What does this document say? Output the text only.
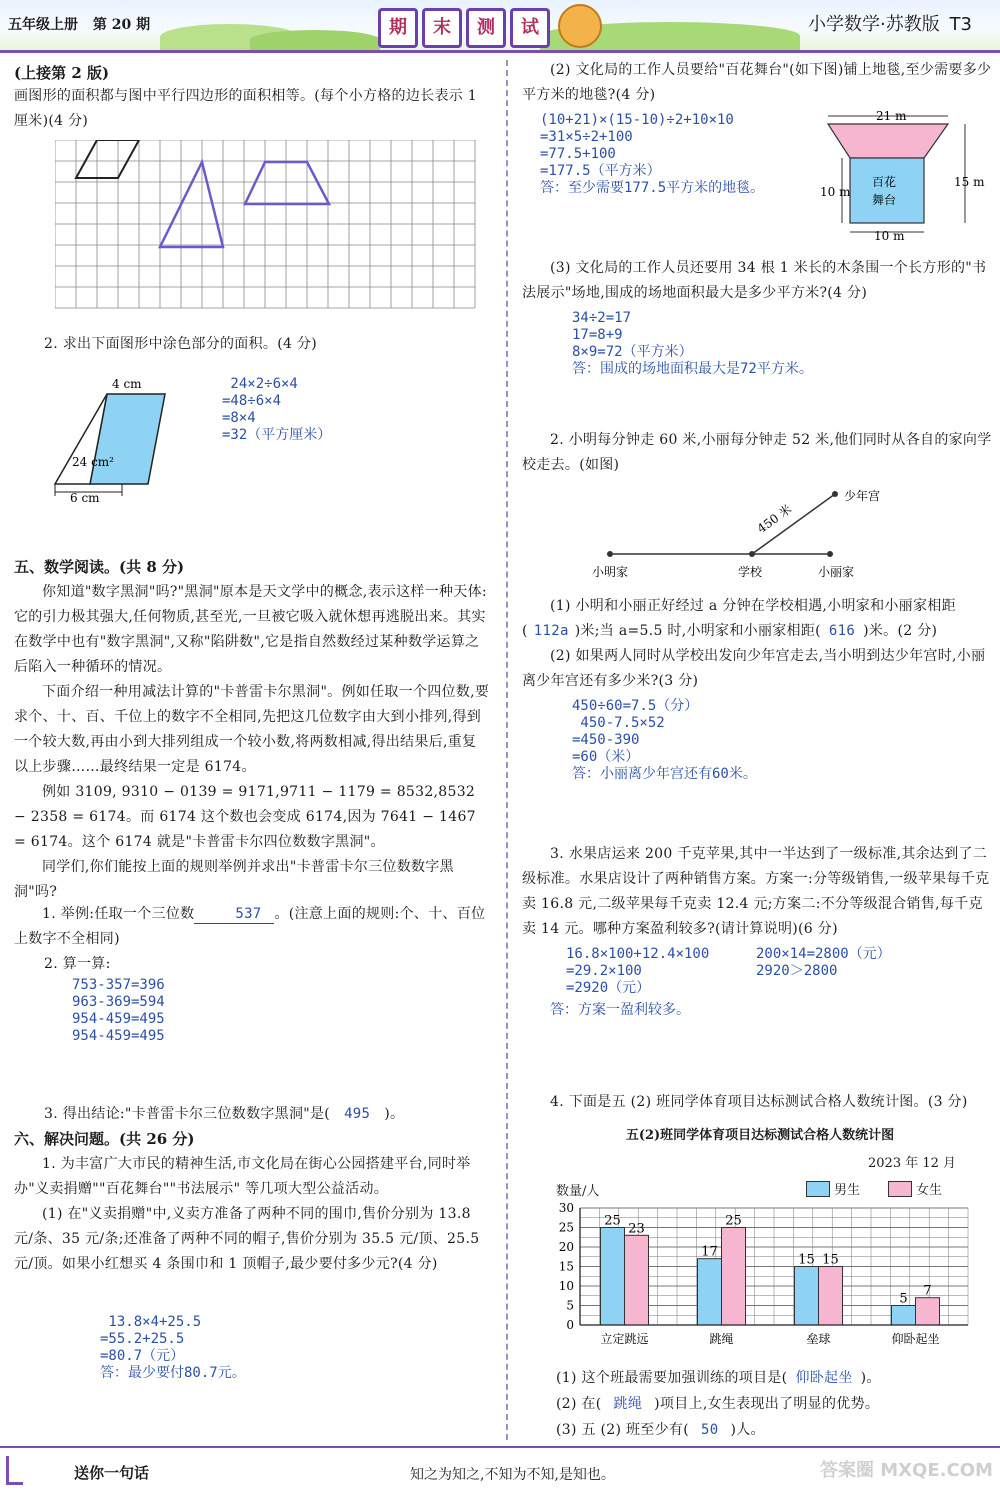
五年级上册 第 20 期	期	末	测	试	小学数学·苏教版 T3
(上接第 2 版)
画图形的面积都与图中平行四边形的面积相等。(每个小方格的边长表示 1 厘米)(4 分)
2. 求出下面图形中涂色部分的面积。(4 分)
4 cm
24 cm²
6 cm
24×2÷6×4
=48÷6×4
=8×4
=32（平方厘米）
五、数学阅读。(共 8 分)
你知道"数字黑洞"吗?"黑洞"原本是天文学中的概念,表示这样一种天体:它的引力极其强大,任何物质,甚至光,一旦被它吸入就休想再逃脱出来。其实在数学中也有"数字黑洞",又称"陷阱数",它是指自然数经过某种数学运算之后陷入一种循环的情况。
下面介绍一种用减法计算的"卡普雷卡尔黑洞"。例如任取一个四位数,要求个、十、百、千位上的数字不全相同,先把这几位数字由大到小排列,得到一个较大数,再由小到大排列组成一个较小数,将两数相减,得出结果后,重复以上步骤……最终结果一定是 6174。
例如 3109, 9310 − 0139 = 9171,9711 − 1179 = 8532,8532 − 2358 = 6174。而 6174 这个数也会变成 6174,因为 7641 − 1467 = 6174。这个 6174 就是"卡普雷卡尔四位数数字黑洞"。
同学们,你们能按上面的规则举例并求出"卡普雷卡尔三位数数字黑洞"吗?
1. 举例:任取一个三位数	537 。(注意上面的规则:个、十、百位上数字不全相同)
2. 算一算:
753-357=396
963-369=594
954-459=495
954-459=495
3. 得出结论:"卡普雷卡尔三位数数字黑洞"是( 495 )。
六、解决问题。(共 26 分)
1. 为丰富广大市民的精神生活,市文化局在街心公园搭建平台,同时举办"义卖捐赠""百花舞台""书法展示" 等几项大型公益活动。
(1) 在"义卖捐赠"中,义卖方准备了两种不同的围巾,售价分别为 13.8 元/条、35 元/条;还准备了两种不同的帽子,售价分别为 35.5 元/顶、25.5 元/顶。如果小红想买 4 条围巾和 1 顶帽子,最少要付多少元?(4 分)
13.8×4+25.5
=55.2+25.5
=80.7（元）
答：最少要付80.7元。
(2) 文化局的工作人员要给"百花舞台"(如下图)铺上地毯,至少需要多少平方米的地毯?(4 分)
(10+21)×(15-10)÷2+10×10
=31×5÷2+100
=77.5+100
=177.5（平方米）
答：至少需要177.5平方米的地毯。
21 m
10 m
15 m
10 m
百花
舞台
(3) 文化局的工作人员还要用 34 根 1 米长的木条围一个长方形的"书法展示"场地,围成的场地面积最大是多少平方米?(4 分)
34÷2=17
17=8+9
8×9=72（平方米）
答：围成的场地面积最大是72平方米。
2. 小明每分钟走 60 米,小丽每分钟走 52 米,他们同时从各自的家向学校走去。(如图)
450 米
少年宫
小明家	学校	小丽家
(1) 小明和小丽正好经过 a 分钟在学校相遇,小明家和小丽家相距( 112a )米;当 a=5.5 时,小明家和小丽家相距( 616 )米。(2 分)
(2) 如果两人同时从学校出发向少年宫走去,当小明到达少年宫时,小丽离少年宫还有多少米?(3 分)
450÷60=7.5（分）
450-7.5×52
=450-390
=60（米）
答：小丽离少年宫还有60米。
3. 水果店运来 200 千克苹果,其中一半达到了一级标准,其余达到了二级标准。水果店设计了两种销售方案。方案一:分等级销售,一级苹果每千克卖 16.8 元,二级苹果每千克卖 12.4 元;方案二:不分等级混合销售,每千克卖 14 元。哪种方案盈利较多?(请计算说明)(6 分)
16.8×100+12.4×100
=29.2×100
=2920（元）
200×14=2800（元）
2920＞2800
答：方案一盈利较多。
4. 下面是五 (2) 班同学体育项目达标测试合格人数统计图。(3 分)
五(2)班同学体育项目达标测试合格人数统计图
2023 年 12 月
数量/人	男生	女生
0
5
10
15
20
25
30
25
23
立定跳远
17
25
跳绳
15 15
垒球
5
7
仰卧起坐
(1) 这个班最需要加强训练的项目是( 仰卧起坐 )。
(2) 在( 跳绳 )项目上,女生表现出了明显的优势。
(3) 五 (2) 班至少有( 50 )人。
送你一句话	知之为知之,不知为不知,是知也。	答案圈 MXQE.COM
